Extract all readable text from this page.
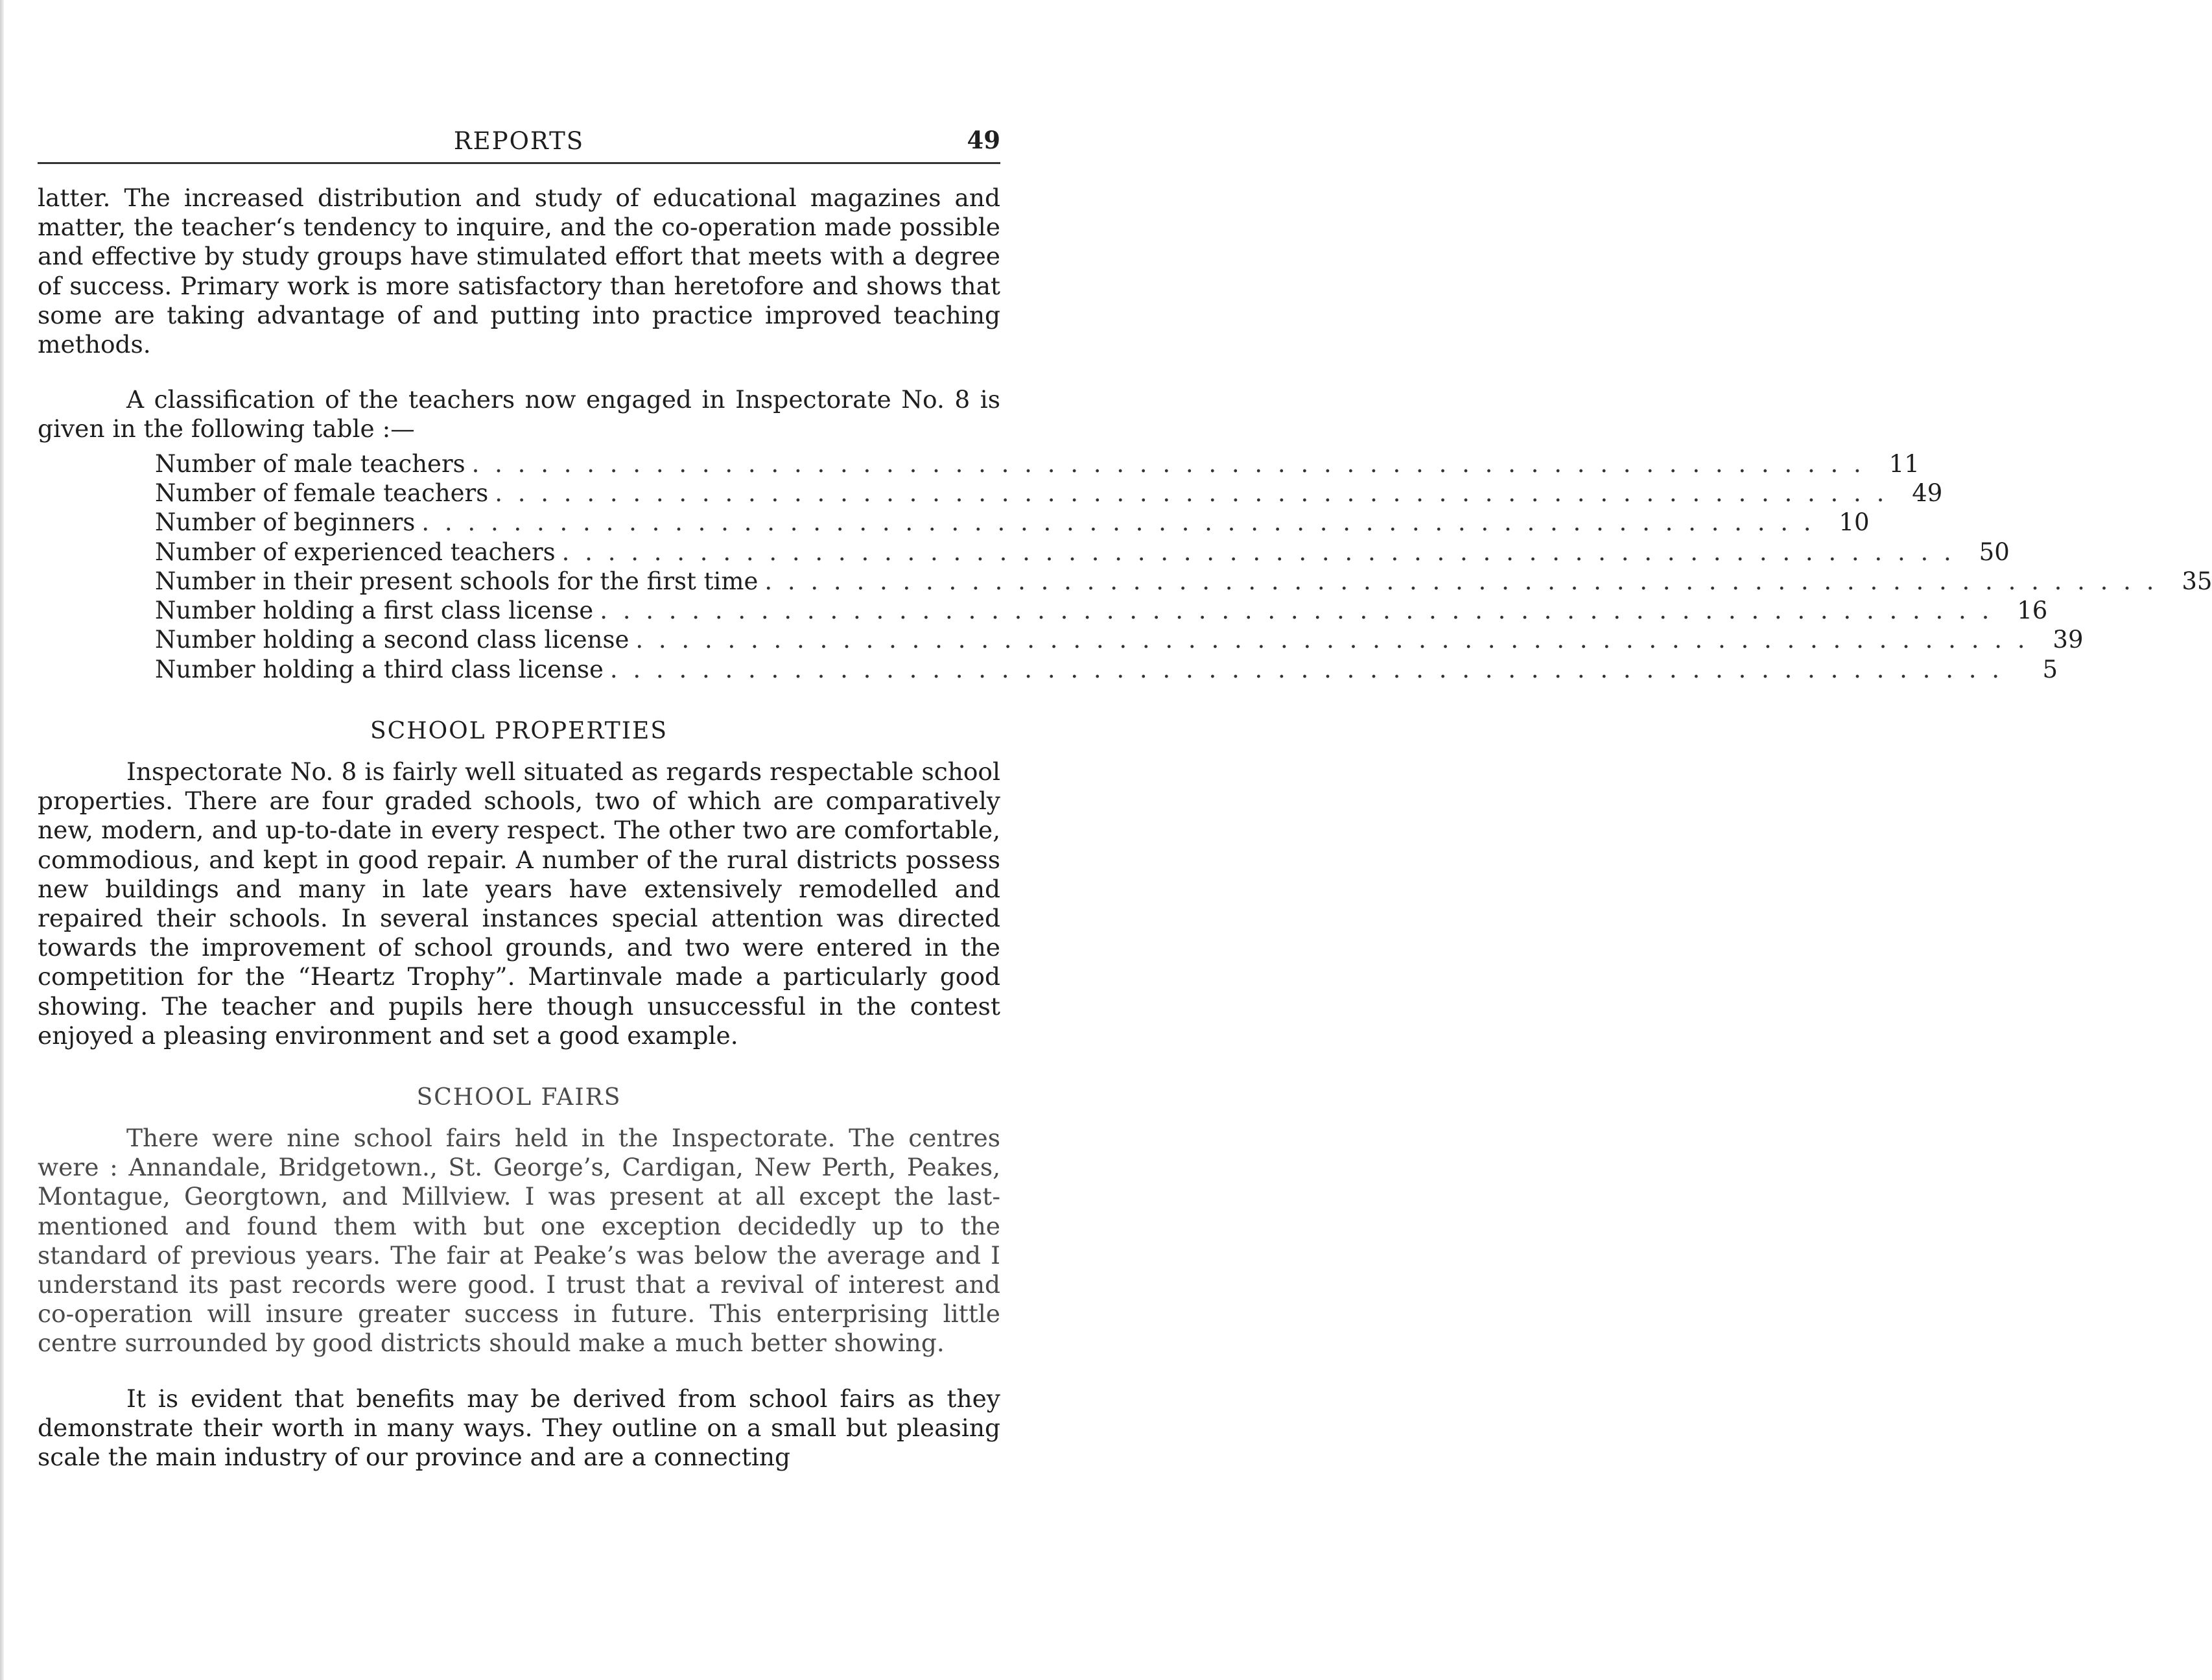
REPORTS	49

latter. The increased distribution and study of educational magazines and matter, the teacher‘s tendency to inquire, and the co-operation made possible and effective by study groups have stimulated effort that meets with a degree of success. Primary work is more satisfactory than heretofore and shows that some are taking advantage of and putting into practice improved teaching methods.

A classification of the teachers now engaged in Inspectorate No. 8 is given in the following table :—

Number of male teachers . . . . . . . . . . . . . . . . . . . . . . . . . . . . . . . . . . . . . . . . . . . . . . . . . . . . . . . . . . . . . 11
Number of female teachers . . . . . . . . . . . . . . . . . . . . . . . . . . . . . . . . . . . . . . . . . . . . . . . . . . . . . . . . . . . . . 49
Number of beginners . . . . . . . . . . . . . . . . . . . . . . . . . . . . . . . . . . . . . . . . . . . . . . . . . . . . . . . . . . . . . 10
Number of experienced teachers . . . . . . . . . . . . . . . . . . . . . . . . . . . . . . . . . . . . . . . . . . . . . . . . . . . . . . . . . . . . . 50
Number in their present schools for the first time . . . . . . . . . . . . . . . . . . . . . . . . . . . . . . . . . . . . . . . . . . . . . . . . . . . . . . . . . . . . . 35
Number holding a first class license . . . . . . . . . . . . . . . . . . . . . . . . . . . . . . . . . . . . . . . . . . . . . . . . . . . . . . . . . . . . . 16
Number holding a second class license . . . . . . . . . . . . . . . . . . . . . . . . . . . . . . . . . . . . . . . . . . . . . . . . . . . . . . . . . . . . . 39
Number holding a third class license . . . . . . . . . . . . . . . . . . . . . . . . . . . . . . . . . . . . . . . . . . . . . . . . . . . . . . . . . . . . .	5
SCHOOL PROPERTIES

Inspectorate No. 8 is fairly well situated as regards respectable school properties. There are four graded schools, two of which are comparatively new, modern, and up-to-date in every respect. The other two are comfortable, commodious, and kept in good repair. A number of the rural districts possess new buildings and many in late years have extensively remodelled and repaired their schools. In several instances special attention was directed towards the improvement of school grounds, and two were entered in the competition for the “Heartz Trophy”. Martinvale made a particularly good showing. The teacher and pupils here though unsuccessful in the contest enjoyed a pleasing environment and set a good example.

SCHOOL FAIRS

There were nine school fairs held in the Inspectorate. The centres were : Annandale, Bridgetown., St. George’s, Cardigan, New Perth, Peakes, Montague, Georgtown, and Millview. I was present at all except the last-mentioned and found them with but one exception decidedly up to the standard of previous years. The fair at Peake’s was below the average and I understand its past records were good. I trust that a revival of interest and co-operation will insure greater success in future. This enterprising little centre surrounded by good districts should make a much better showing.

It is evident that benefits may be derived from school fairs as they demonstrate their worth in many ways. They outline on a small but pleasing scale the main industry of our province and are a connecting
